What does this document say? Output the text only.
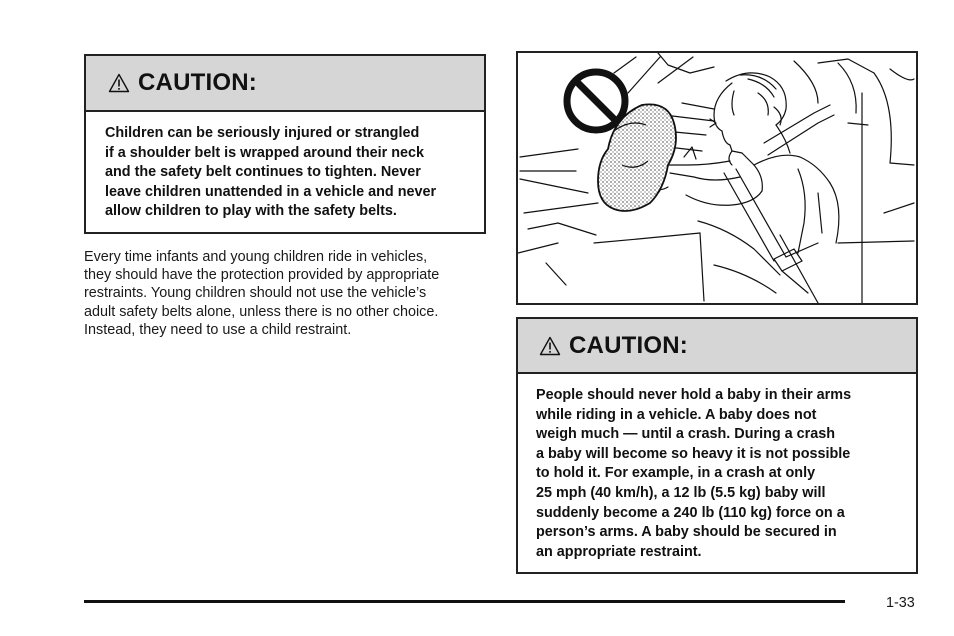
CAUTION:
Children can be seriously injured or strangled
if a shoulder belt is wrapped around their neck
and the safety belt continues to tighten. Never
leave children unattended in a vehicle and never
allow children to play with the safety belts.
Every time infants and young children ride in vehicles,
they should have the protection provided by appropriate
restraints. Young children should not use the vehicle’s
adult safety belts alone, unless there is no other choice.
Instead, they need to use a child restraint.
CAUTION:
People should never hold a baby in their arms
while riding in a vehicle. A baby does not
weigh much — until a crash. During a crash
a baby will become so heavy it is not possible
to hold it. For example, in a crash at only
25 mph (40 km/h), a 12 lb (5.5 kg) baby will
suddenly become a 240 lb (110 kg) force on a
person’s arms. A baby should be secured in
an appropriate restraint.
1-33
